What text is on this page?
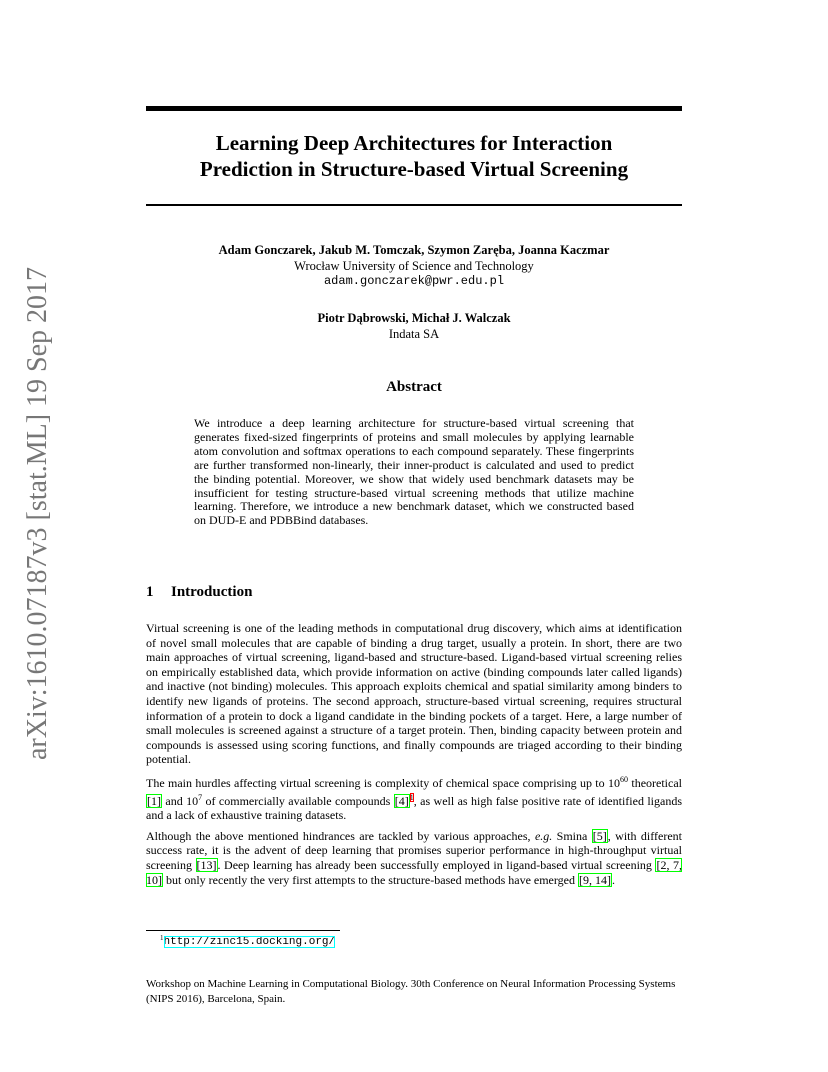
arXiv:1610.07187v3 [stat.ML] 19 Sep 2017
Learning Deep Architectures for Interaction
Prediction in Structure-based Virtual Screening
Adam Gonczarek, Jakub M. Tomczak, Szymon Zaręba, Joanna Kaczmar
Wrocław University of Science and Technology
adam.gonczarek@pwr.edu.pl
Piotr Dąbrowski, Michał J. Walczak
Indata SA
Abstract
We introduce a deep learning architecture for structure-based virtual screening that generates fixed-sized fingerprints of proteins and small molecules by applying learnable atom convolution and softmax operations to each compound separately. These fingerprints are further transformed non-linearly, their inner-product is calculated and used to predict the binding potential. Moreover, we show that widely used benchmark datasets may be insufficient for testing structure-based virtual screening methods that utilize machine learning. Therefore, we introduce a new benchmark dataset, which we constructed based on DUD-E and PDBBind databases.
1 Introduction

Virtual screening is one of the leading methods in computational drug discovery, which aims at identification of novel small molecules that are capable of binding a drug target, usually a protein. In short, there are two main approaches of virtual screening, ligand-based and structure-based. Ligand-based virtual screening relies on empirically established data, which provide information on active (binding compounds later called ligands) and inactive (not binding) molecules. This approach exploits chemical and spatial similarity among binders to identify new ligands of proteins. The second approach, structure-based virtual screening, requires structural information of a protein to dock a ligand candidate in the binding pockets of a target. Here, a large number of small molecules is screened against a structure of a target protein. Then, binding capacity between protein and compounds is assessed using scoring functions, and finally compounds are triaged according to their binding potential.

The main hurdles affecting virtual screening is complexity of chemical space comprising up to $10^{60}$ theoretical [1] and $10^7$ of commercially available compounds [4]$^1$, as well as high false positive rate of identified ligands and a lack of exhaustive training datasets.

Although the above mentioned hindrances are tackled by various approaches, e.g. Smina [5], with different success rate, it is the advent of deep learning that promises superior performance in high-throughput virtual screening [13]. Deep learning has already been successfully employed in ligand-based virtual screening [2, 7, 10] but only recently the very first attempts to the structure-based methods have emerged [9, 14].

$^1$http://zinc15.docking.org/
Workshop on Machine Learning in Computational Biology. 30th Conference on Neural Information Processing Systems (NIPS 2016), Barcelona, Spain.
